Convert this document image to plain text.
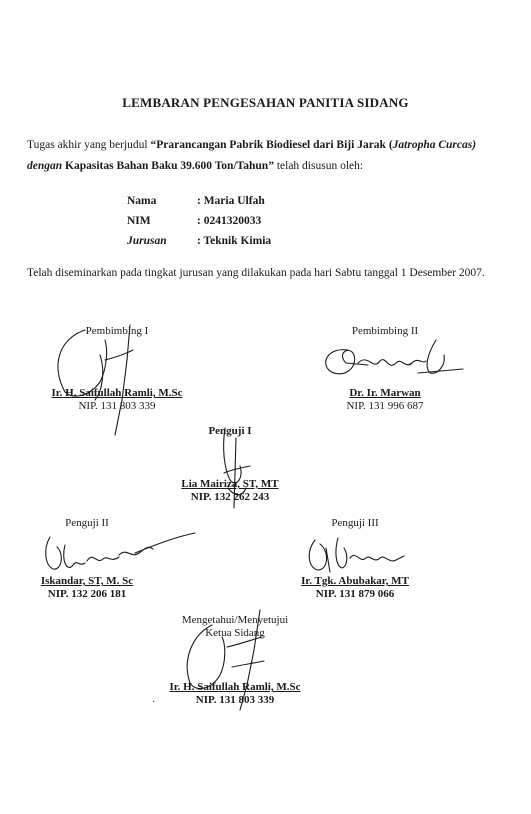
LEMBARAN PENGESAHAN PANITIA SIDANG
Tugas akhir yang berjudul “Prarancangan Pabrik Biodiesel dari Biji Jarak (Jatropha Curcas) dengan Kapasitas Bahan Baku 39.600 Ton/Tahun” telah disusun oleh:
Nama	: Maria Ulfah
NIM	: 0241320033
Jurusan	: Teknik Kimia
Telah diseminarkan pada tingkat jurusan yang dilakukan pada hari Sabtu tanggal 1 Desember 2007.
Pembimbing I
Ir. H. Saifullah Ramli, M.Sc
NIP. 131 803 339
Pembimbing II
Dr. Ir. Marwan
NIP. 131 996 687
Penguji I
Lia Mairiza, ST, MT
NIP. 132 262 243
Penguji II
Iskandar, ST, M. Sc
NIP. 132 206 181
Penguji III
Ir. Tgk. Abubakar, MT
NIP. 131 879 066
Mengetahui/Menyetujui
Ketua Sidang
Ir. H. Saifullah Ramli, M.Sc
NIP. 131 803 339
·
